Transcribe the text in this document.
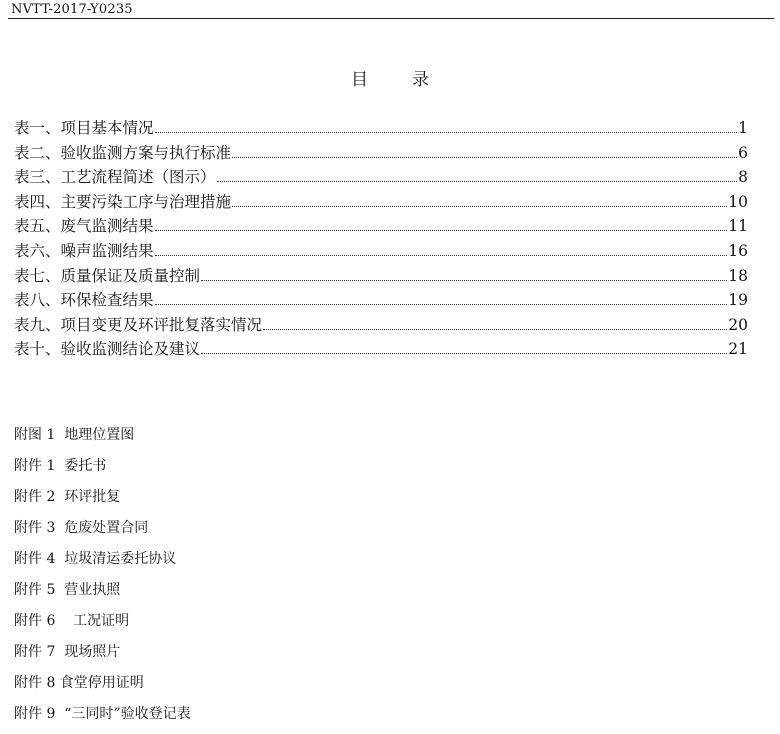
NVTT-2017-Y0235
目	录
表一、项目基本情况	1
表二、验收监测方案与执行标准	6
表三、工艺流程简述（图示）	8
表四、主要污染工序与治理措施	10
表五、废气监测结果	11
表六、噪声监测结果	16
表七、质量保证及质量控制	18
表八、环保检查结果	19
表九、项目变更及环评批复落实情况	20
表十、验收监测结论及建议	21
附图 1  地理位置图
附件 1  委托书
附件 2  环评批复
附件 3  危废处置合同
附件 4  垃圾清运委托协议
附件 5  营业执照
附件 6    工况证明
附件 7  现场照片
附件 8 食堂停用证明
附件 9  “三同时”验收登记表
